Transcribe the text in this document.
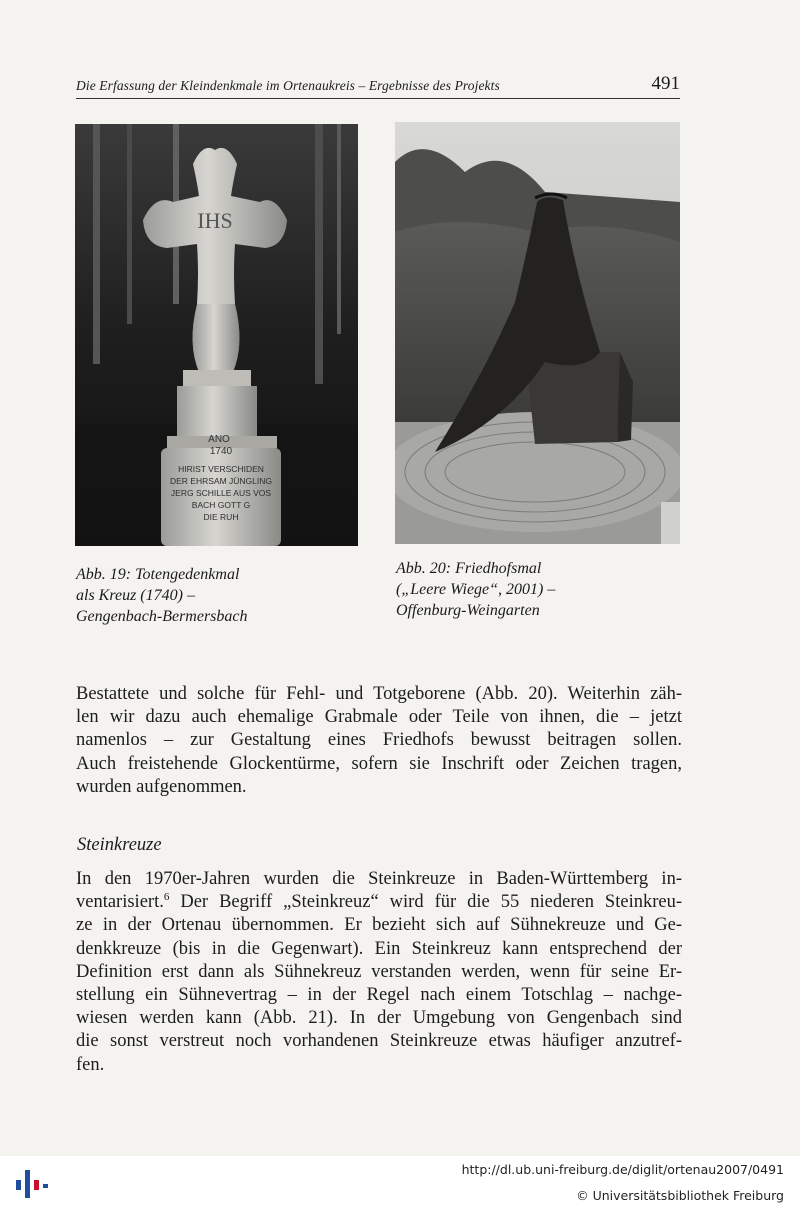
Die Erfassung der Kleindenkmale im Ortenaukreis – Ergebnisse des Projekts	491
IHS
ANO
1740
HIRIST VERSCHIDEN
DER EHRSAM JÜNGLING
JERG SCHILLE AUS VOS
BACH GOTT G
DIE RUH
Abb. 19: Totengedenkmal
als Kreuz (1740) –
Gengenbach-Bermersbach
Abb. 20: Friedhofsmal
(„Leere Wiege“, 2001) –
Offenburg-Weingarten
Bestattete und solche für Fehl- und Totgeborene (Abb. 20). Weiterhin zäh-
len wir dazu auch ehemalige Grabmale oder Teile von ihnen, die – jetzt
namenlos – zur Gestaltung eines Friedhofs bewusst beitragen sollen.
Auch freistehende Glockentürme, sofern sie Inschrift oder Zeichen tragen,
wurden aufgenommen.
Steinkreuze
In den 1970er-Jahren wurden die Steinkreuze in Baden-Württemberg in-
ventarisiert.$^6$ Der Begriff „Steinkreuz“ wird für die 55 niederen Steinkreu-
ze in der Ortenau übernommen. Er bezieht sich auf Sühnekreuze und Ge-
denkkreuze (bis in die Gegenwart). Ein Steinkreuz kann entsprechend der
Definition erst dann als Sühnekreuz verstanden werden, wenn für seine Er-
stellung ein Sühnevertrag – in der Regel nach einem Totschlag – nachge-
wiesen werden kann (Abb. 21). In der Umgebung von Gengenbach sind
die sonst verstreut noch vorhandenen Steinkreuze etwas häufiger anzutref-
fen.
http://dl.ub.uni-freiburg.de/diglit/ortenau2007/0491
© Universitätsbibliothek Freiburg
